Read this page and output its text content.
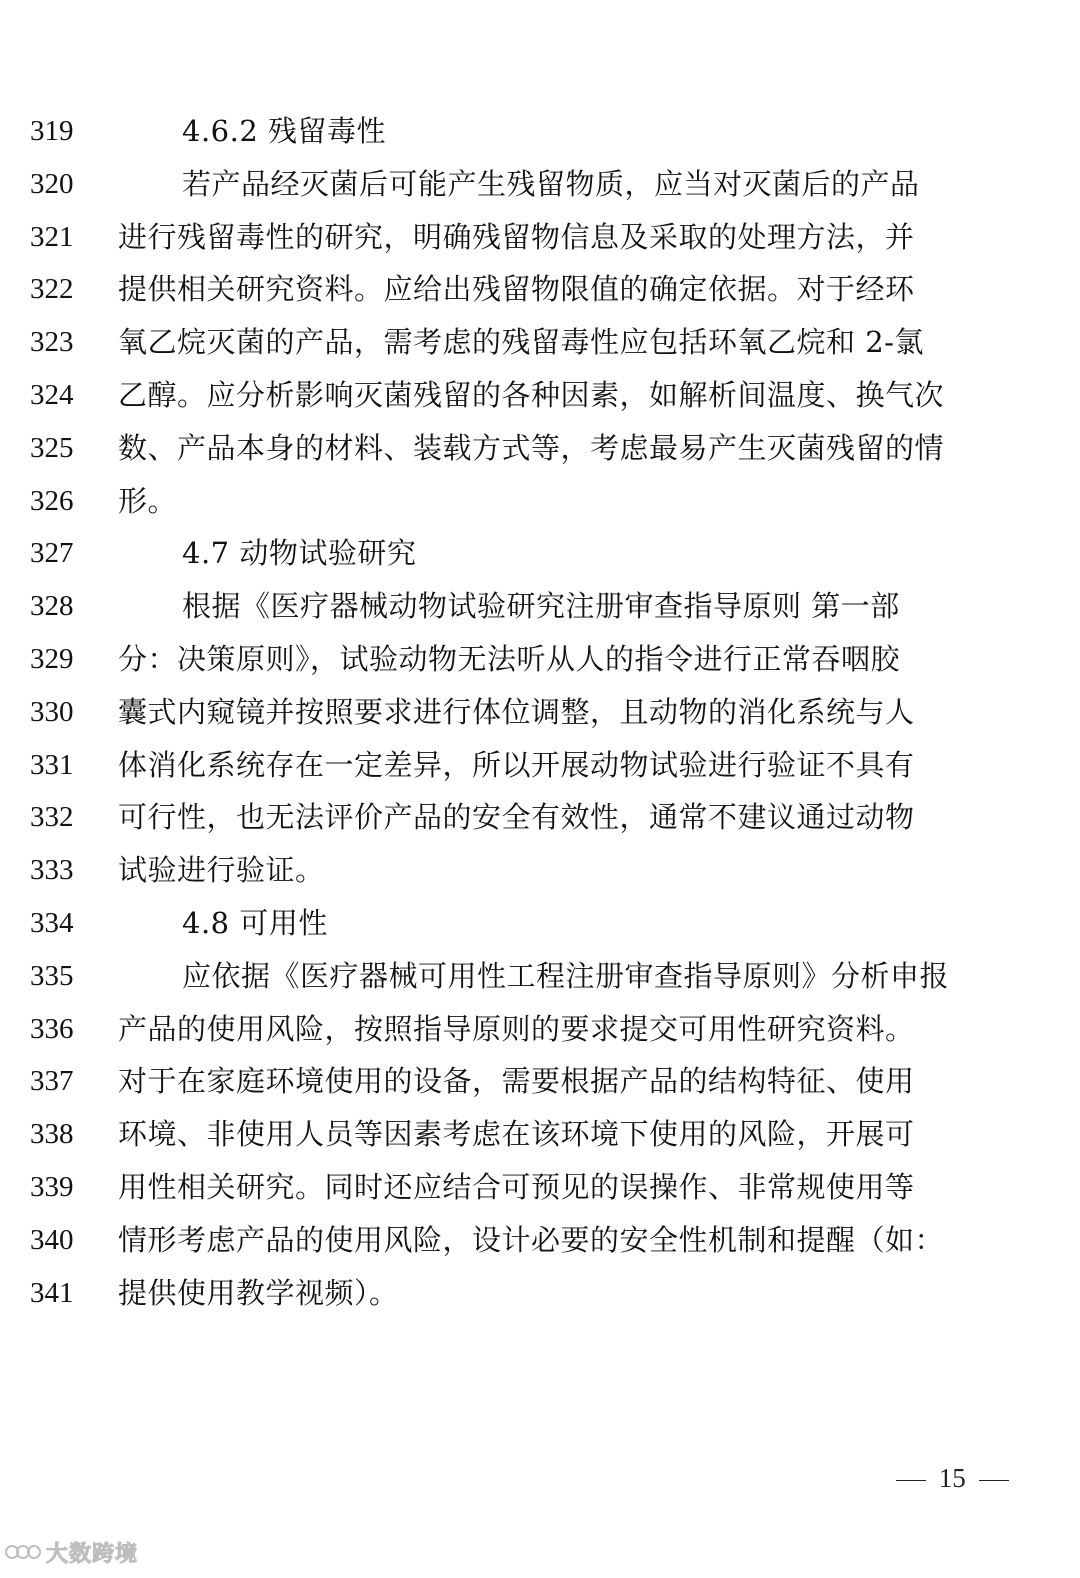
319	4.6.2 残留毒性
320	若产品经灭菌后可能产生残留物质，应当对灭菌后的产品
321	进行残留毒性的研究，明确残留物信息及采取的处理方法，并
322	提供相关研究资料。应给出残留物限值的确定依据。对于经环
323	氧乙烷灭菌的产品，需考虑的残留毒性应包括环氧乙烷和 2-氯
324	乙醇。应分析影响灭菌残留的各种因素，如解析间温度、换气次
325	数、产品本身的材料、装载方式等，考虑最易产生灭菌残留的情
326	形。
327	4.7 动物试验研究
328	根据《医疗器械动物试验研究注册审查指导原则 第一部
329	分：决策原则》，试验动物无法听从人的指令进行正常吞咽胶
330	囊式内窥镜并按照要求进行体位调整，且动物的消化系统与人
331	体消化系统存在一定差异，所以开展动物试验进行验证不具有
332	可行性，也无法评价产品的安全有效性，通常不建议通过动物
333	试验进行验证。
334	4.8 可用性
335	应依据《医疗器械可用性工程注册审查指导原则》分析申报
336	产品的使用风险，按照指导原则的要求提交可用性研究资料。
337	对于在家庭环境使用的设备，需要根据产品的结构特征、使用
338	环境、非使用人员等因素考虑在该环境下使用的风险，开展可
339	用性相关研究。同时还应结合可预见的误操作、非常规使用等
340	情形考虑产品的使用风险，设计必要的安全性机制和提醒（如：
341	提供使用教学视频）。
15
大数跨境
